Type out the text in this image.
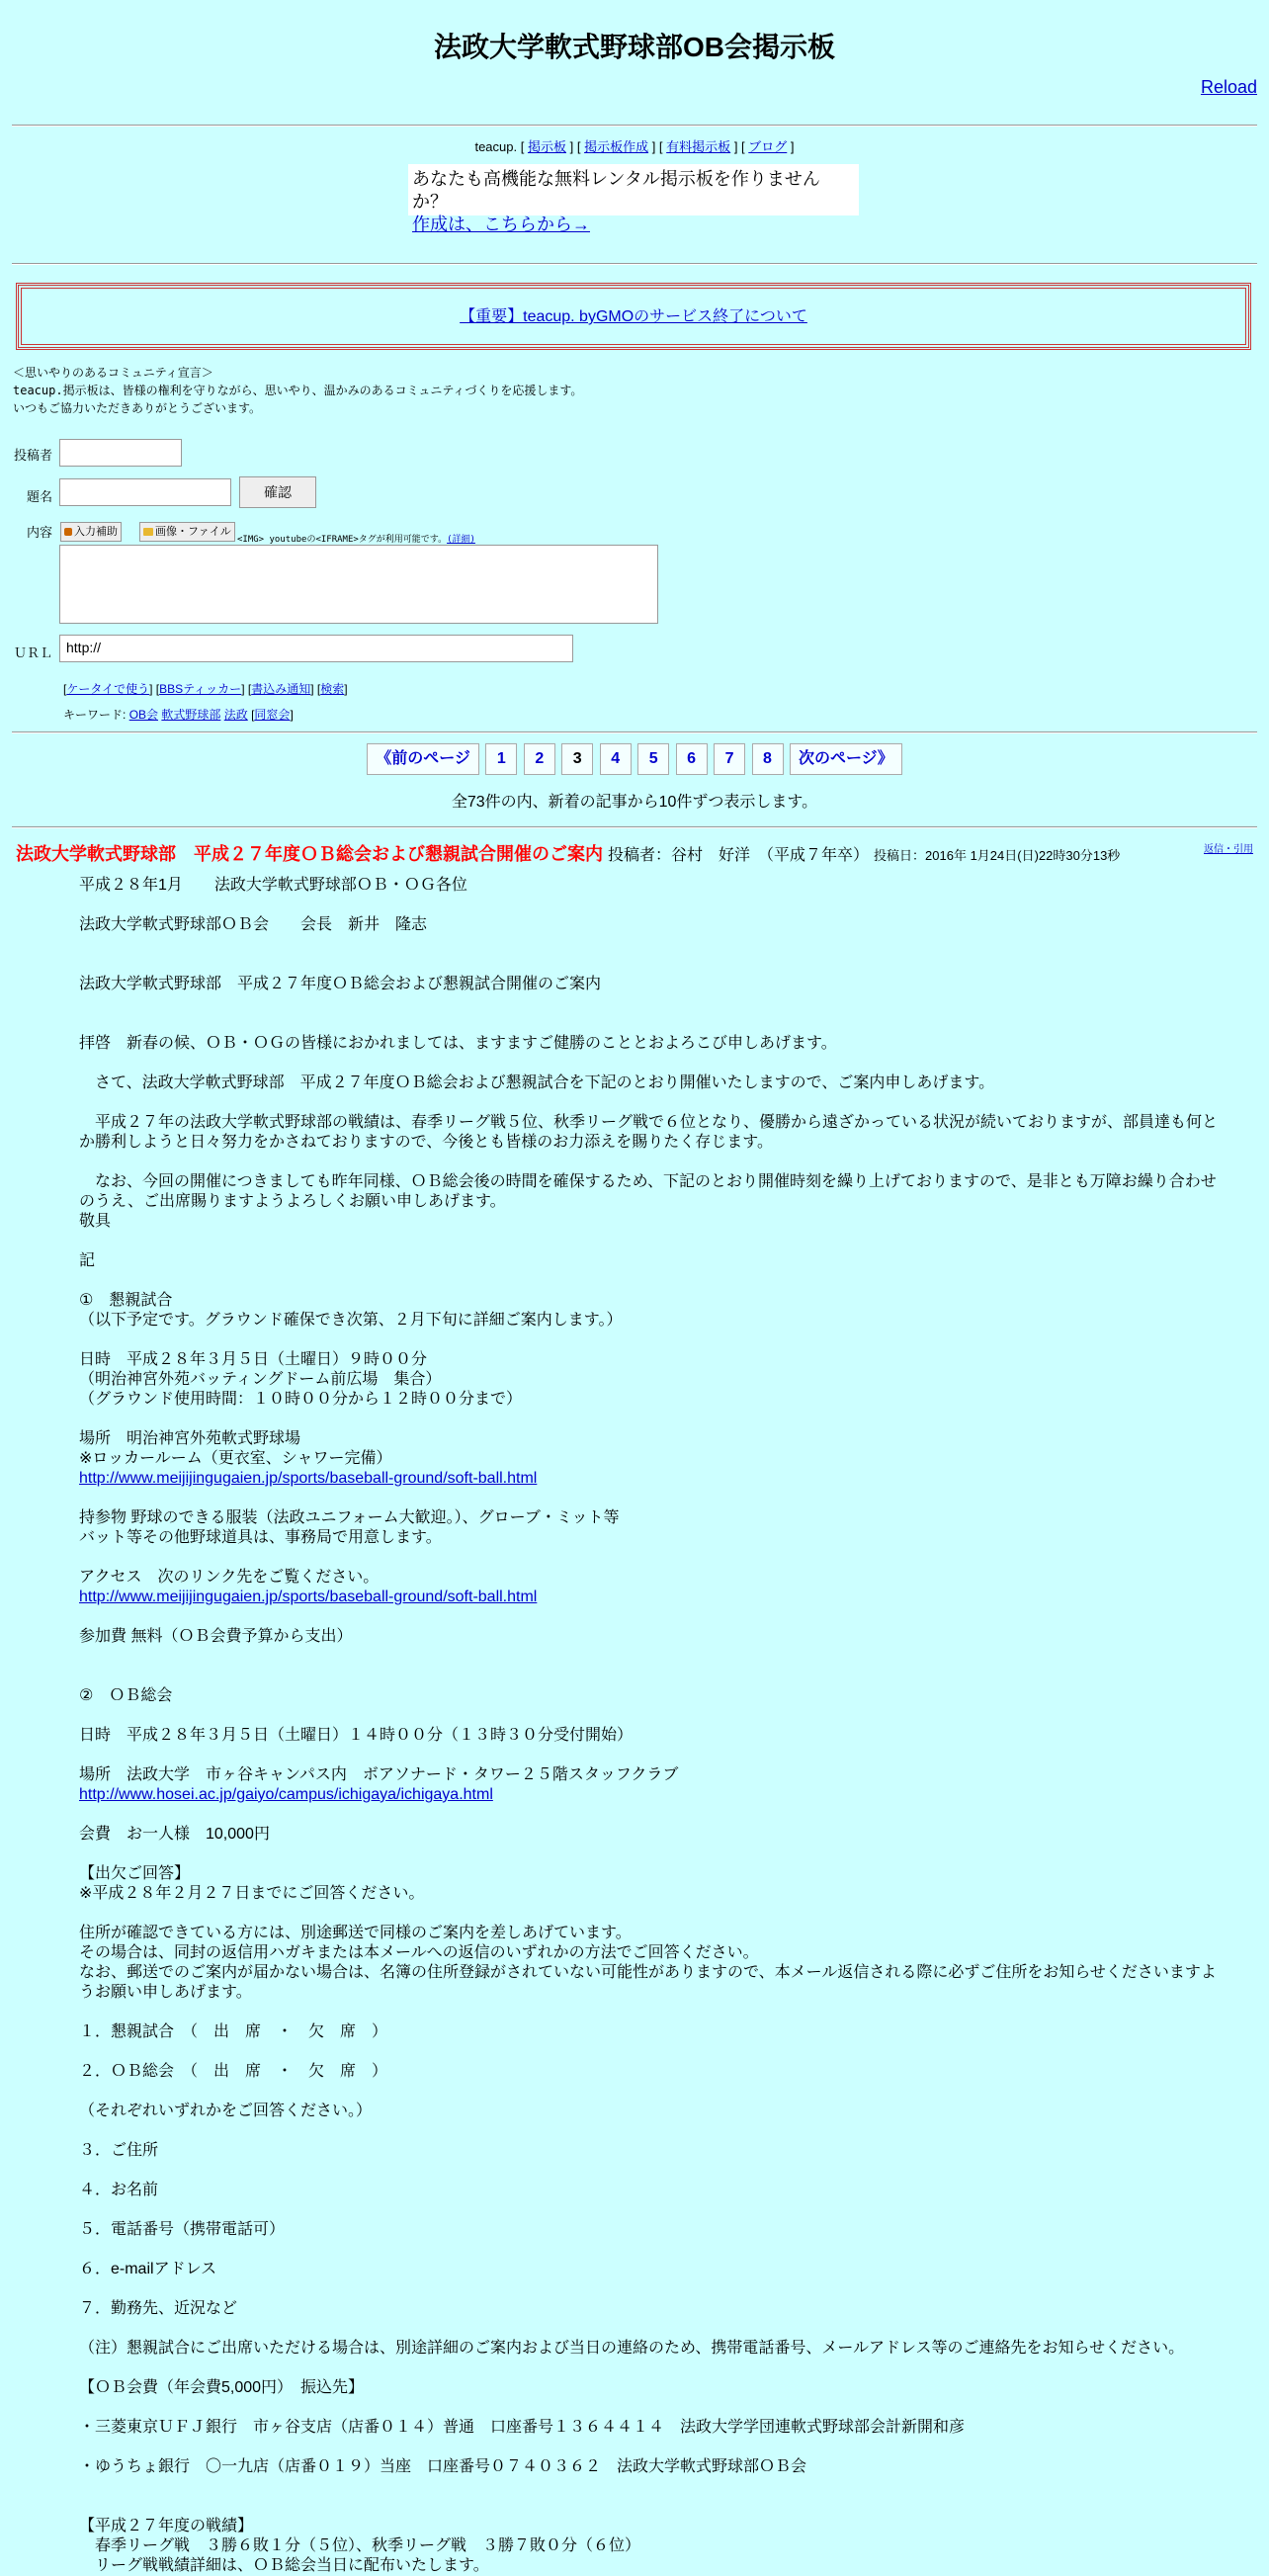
法政大学軟式野球部OB会掲示板
Reload
teacup. [ 掲示板 ] [ 掲示板作成 ] [ 有料掲示板 ] [ ブログ ]
あなたも高機能な無料レンタル掲示板を作りませんか？
作成は、こちらから→
【重要】teacup. byGMOのサービス終了について
＜思いやりのあるコミュニティ宣言＞
teacup.掲示板は、皆様の権利を守りながら、思いやり、温かみのあるコミュニティづくりを応援します。
いつもご協力いただきありがとうございます。
投稿者
題名	確認
内容	入力補助	画像・ファイル
<IMG> youtubeの<IFRAME>タグが利用可能です。(詳細)
ＵＲＬ	http://
[ケータイで使う] [BBSティッカー] [書込み通知] [検索]
キーワード: OB会 軟式野球部 法政 [同窓会]
《前のページ 1 2 3 4 5 6 7 8 次のページ》
全73件の内、新着の記事から10件ずつ表示します。
返信・引用
法政大学軟式野球部　平成２７年度ＯＢ総会および懇親試合開催のご案内 投稿者：谷村　好洋　（平成７年卒） 投稿日：2016年 1月24日(日)22時30分13秒

平成２８年1月　　法政大学軟式野球部ＯＢ・ＯＧ各位

法政大学軟式野球部ＯＢ会　　会長　新井　隆志

法政大学軟式野球部　平成２７年度ＯＢ総会および懇親試合開催のご案内

拝啓　新春の候、ＯＢ・ＯＧの皆様におかれましては、ますますご健勝のこととおよろこび申しあげます。

　さて、法政大学軟式野球部　平成２７年度ＯＢ総会および懇親試合を下記のとおり開催いたしますので、ご案内申しあげます。

　平成２７年の法政大学軟式野球部の戦績は、春季リーグ戦５位、秋季リーグ戦で６位となり、優勝から遠ざかっている状況が続いておりますが、部員達も何とか勝利しようと日々努力をかさねておりますので、今後とも皆様のお力添えを賜りたく存じます。

　なお、今回の開催につきましても昨年同様、ＯＢ総会後の時間を確保するため、下記のとおり開催時刻を繰り上げておりますので、是非とも万障お繰り合わせのうえ、ご出席賜りますようよろしくお願い申しあげます。

敬具

記

①　懇親試合

（以下予定です。グラウンド確保でき次第、２月下旬に詳細ご案内します。）

日時　平成２８年３月５日（土曜日）９時００分

（明治神宮外苑バッティングドーム前広場　集合）

（グラウンド使用時間：１０時００分から１２時００分まで）

場所　明治神宮外苑軟式野球場

※ロッカールーム（更衣室、シャワー完備）

http://www.meijijingugaien.jp/sports/baseball-ground/soft-ball.html

持参物 野球のできる服装（法政ユニフォーム大歓迎。）、グローブ・ミット等

バット等その他野球道具は、事務局で用意します。

アクセス　次のリンク先をご覧ください。

http://www.meijijingugaien.jp/sports/baseball-ground/soft-ball.html

参加費 無料（ＯＢ会費予算から支出）

②　ＯＢ総会

日時　平成２８年３月５日（土曜日）１４時００分（１３時３０分受付開始）

場所　法政大学　市ヶ谷キャンパス内　ボアソナード・タワー２５階スタッフクラブ

http://www.hosei.ac.jp/gaiyo/campus/ichigaya/ichigaya.html

会費　お一人様　10,000円

【出欠ご回答】

※平成２８年２月２７日までにご回答ください。

住所が確認できている方には、別途郵送で同様のご案内を差しあげています。

その場合は、同封の返信用ハガキまたは本メールへの返信のいずれかの方法でご回答ください。

なお、郵送でのご案内が届かない場合は、名簿の住所登録がされていない可能性がありますので、本メール返信される際に必ずご住所をお知らせくださいますようお願い申しあげます。

１．懇親試合　（　出　席　・　欠　席　）

２．ＯＢ総会　（　出　席　・　欠　席　）

（それぞれいずれかをご回答ください。）

３．ご住所

４．お名前

５．電話番号（携帯電話可）

６．e-mailアドレス

７．勤務先、近況など

（注）懇親試合にご出席いただける場合は、別途詳細のご案内および当日の連絡のため、携帯電話番号、メールアドレス等のご連絡先をお知らせください。

【ＯＢ会費（年会費5,000円）　振込先】

・三菱東京ＵＦＪ銀行　市ヶ谷支店（店番０１４）普通　口座番号１３６４４１４　法政大学学団連軟式野球部会計新開和彦

・ゆうちょ銀行　〇一九店（店番０１９）当座　口座番号０７４０３６２　法政大学軟式野球部ＯＢ会

【平成２７年度の戦績】

　春季リーグ戦　３勝６敗１分（５位）、秋季リーグ戦　３勝７敗０分（６位）

　リーグ戦戦績詳細は、ＯＢ総会当日に配布いたします。
